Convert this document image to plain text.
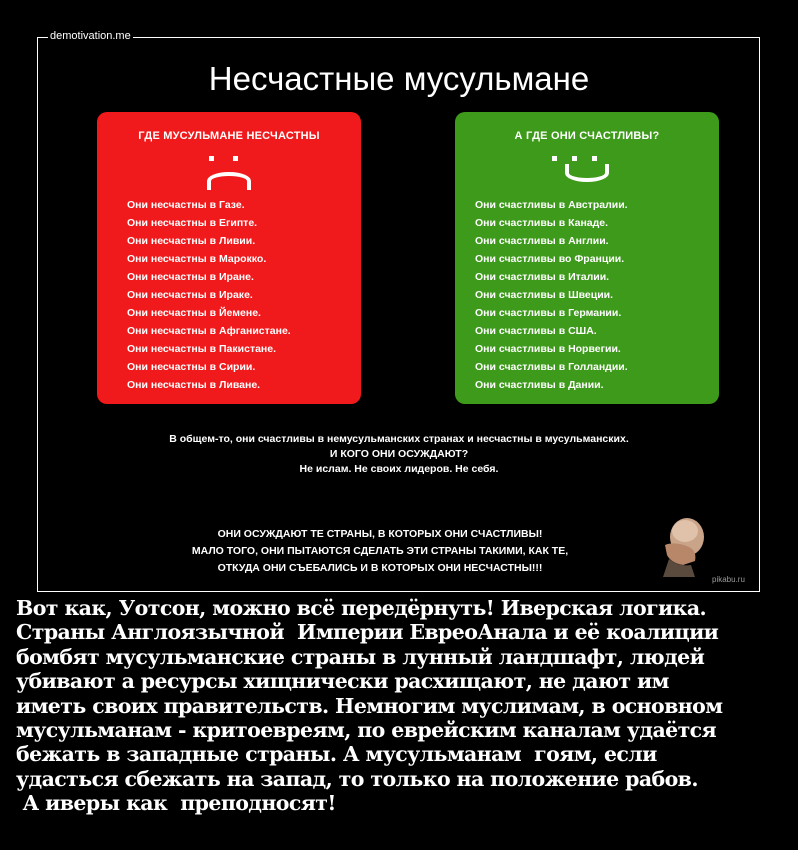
demotivation.me
Несчастные мусульмане
ГДЕ МУСУЛЬМАНЕ НЕСЧАСТНЫ
Они несчастны в Газе.
Они несчастны в Египте.
Они несчастны в Ливии.
Они несчастны в Марокко.
Они несчастны в Иране.
Они несчастны в Ираке.
Они несчастны в Йемене.
Они несчастны в Афганистане.
Они несчастны в Пакистане.
Они несчастны в Сирии.
Они несчастны в Ливане.
А ГДЕ ОНИ СЧАСТЛИВЫ?
Они счастливы в Австралии.
Они счастливы в Канаде.
Они счастливы в Англии.
Они счастливы во Франции.
Они счастливы в Италии.
Они счастливы в Швеции.
Они счастливы в Германии.
Они счастливы в США.
Они счастливы в Норвегии.
Они счастливы в Голландии.
Они счастливы в Дании.
В общем-то, они счастливы в немусульманских странах и несчастны в мусульманских.
И КОГО ОНИ ОСУЖДАЮТ?
Не ислам. Не своих лидеров. Не себя.
ОНИ ОСУЖДАЮТ ТЕ СТРАНЫ, В КОТОРЫХ ОНИ СЧАСТЛИВЫ!
МАЛО ТОГО, ОНИ ПЫТАЮТСЯ СДЕЛАТЬ ЭТИ СТРАНЫ ТАКИМИ, КАК ТЕ,
ОТКУДА ОНИ СЪЕБАЛИСЬ И В КОТОРЫХ ОНИ НЕСЧАСТНЫ!!!
pikabu.ru
Вот как, Уотсон, можно всё передёрнуть! Иверская логика.
Страны Англоязычной  Империи ЕвреоАнала и её коалиции
бомбят мусульманские страны в лунный ландшафт, людей
убивают а ресурсы хищнически расхищают, не дают им
иметь своих правительств. Немногим муслимам, в основном
мусульманам - критоевреям, по еврейским каналам удаётся
бежать в западные страны. А мусульманам  гоям, если
удасться сбежать на запад, то только на положение рабов.
А иверы как  преподносят!
